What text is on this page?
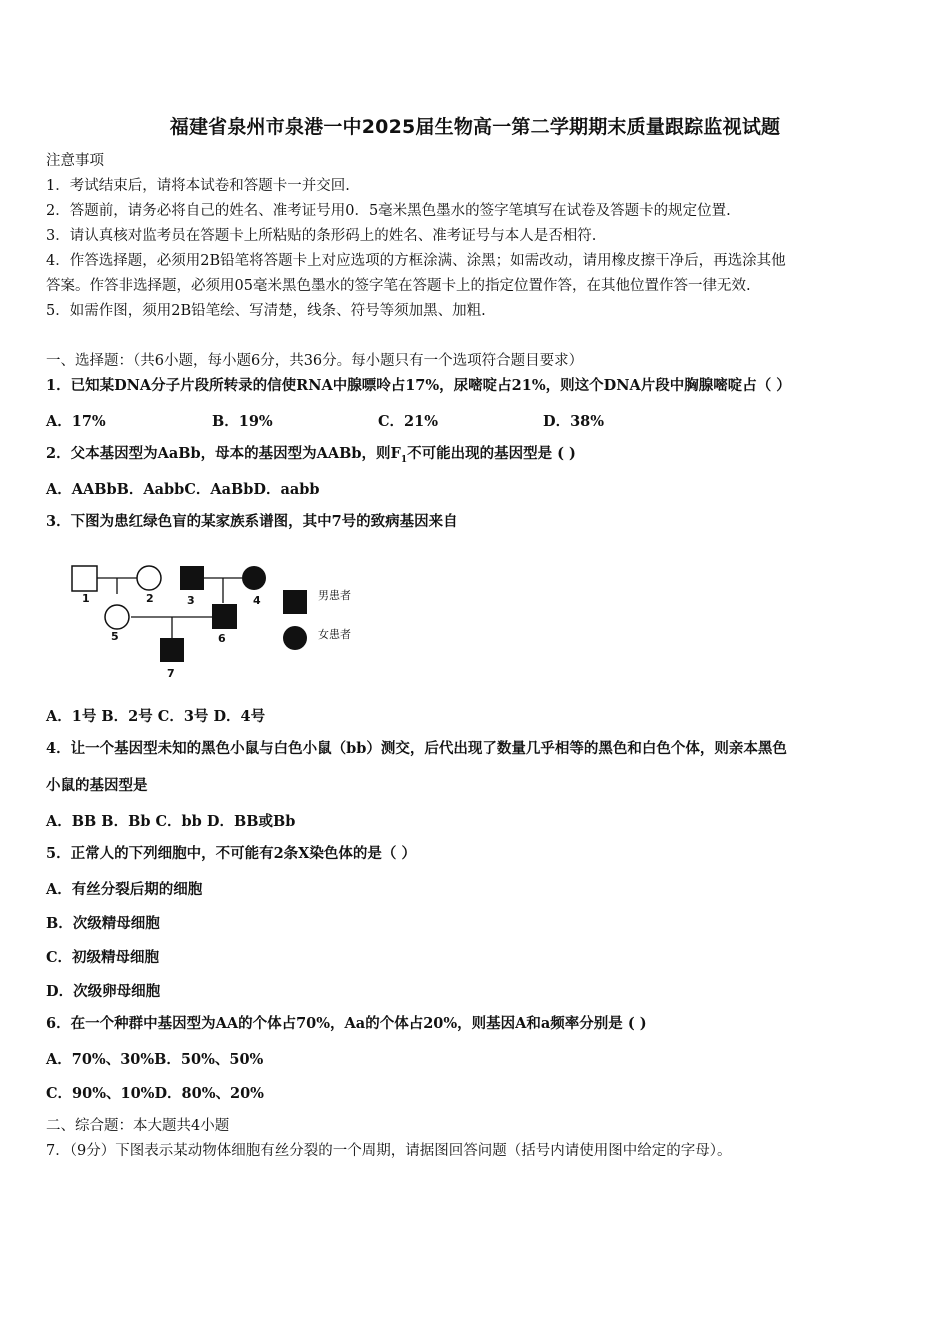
福建省泉州市泉港一中2025届生物高一第二学期期末质量跟踪监视试题
注意事项
1．考试结束后，请将本试卷和答题卡一并交回.
2．答题前，请务必将自己的姓名、准考证号用0．5毫米黑色墨水的签字笔填写在试卷及答题卡的规定位置.
3．请认真核对监考员在答题卡上所粘贴的条形码上的姓名、准考证号与本人是否相符.
4．作答选择题，必须用2B铅笔将答题卡上对应选项的方框涂满、涂黑；如需改动，请用橡皮擦干净后，再选涂其他
答案。作答非选择题，必须用05毫米黑色墨水的签字笔在答题卡上的指定位置作答，在其他位置作答一律无效.
5．如需作图，须用2B铅笔绘、写清楚，线条、符号等须加黑、加粗.
一、选择题：（共6小题，每小题6分，共36分。每小题只有一个选项符合题目要求）
1．已知某DNA分子片段所转录的信使RNA中腺嘌呤占17%，尿嘧啶占21%，则这个DNA片段中胸腺嘧啶占（ ）
A．17%	B．19%	C．21%	D．38%
2．父本基因型为AaBb，母本的基因型为AABb，则$F_1$不可能出现的基因型是 ( )
A．AABbB．AabbC．AaBbD．aabb
3．下图为患红绿色盲的某家族系谱图，其中7号的致病基因来自
1	2	3	4
5	6
7
男患者
女患者
A．1号 B．2号 C．3号 D．4号
4．让一个基因型未知的黑色小鼠与白色小鼠（bb）测交，后代出现了数量几乎相等的黑色和白色个体，则亲本黑色
小鼠的基因型是
A．BB B．Bb C．bb D．BB或Bb
5．正常人的下列细胞中，不可能有2条X染色体的是（ ）
A．有丝分裂后期的细胞
B．次级精母细胞
C．初级精母细胞
D．次级卵母细胞
6．在一个种群中基因型为AA的个体占70%，Aa的个体占20%，则基因A和a频率分别是 ( )
A．70%、30%B．50%、50%
C．90%、10%D．80%、20%
二、综合题：本大题共4小题
7．（9分）下图表示某动物体细胞有丝分裂的一个周期，请据图回答问题（括号内请使用图中给定的字母）。
